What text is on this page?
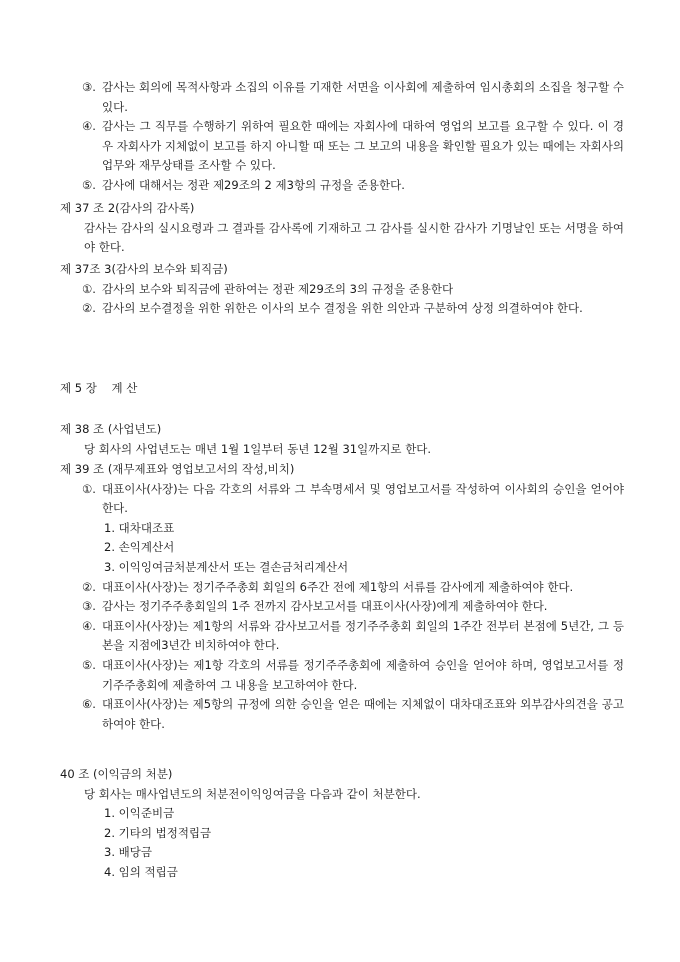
③. 감사는 회의에 목적사항과 소집의 이유를 기재한 서면을 이사회에 제출하여 임시총회의 소집을 청구할 수 있다.
④. 감사는 그 직무를 수행하기 위하여 필요한 때에는 자회사에 대하여 영업의 보고를 요구할 수 있다. 이 경우 자회사가 지체없이 보고를 하지 아니할 때 또는 그 보고의 내용을 확인할 필요가 있는 때에는 자회사의 업무와 재무상태를 조사할 수 있다.
⑤. 감사에 대해서는 정관 제29조의 2 제3항의 규정을 준용한다.
제 37 조 2(감사의 감사록)
감사는 감사의 실시요령과 그 결과를 감사록에 기재하고 그 감사를 실시한 감사가 기명날인 또는 서명을 하여야 한다.
제 37조 3(감사의 보수와 퇴직금)
①. 감사의 보수와 퇴직금에 관하여는 정관 제29조의 3의 규정을 준용한다
②. 감사의 보수결정을 위한 위한은 이사의 보수 결정을 위한 의안과 구분하여 상정 의결하여야 한다.
제 5 장    계 산
제 38 조 (사업년도)
당 회사의 사업년도는 매년 1월 1일부터 동년 12월 31일까지로 한다.
제 39 조 (재무제표와 영업보고서의 작성,비치)
①. 대표이사(사장)는 다음 각호의 서류와 그 부속명세서 및 영업보고서를 작성하여 이사회의 승인을 얻어야 한다.
1. 대차대조표
2. 손익계산서
3. 이익잉여금처분계산서 또는 결손금처리계산서
②. 대표이사(사장)는 정기주주총회 회일의 6주간 전에 제1항의 서류를 감사에게 제출하여야 한다.
③. 감사는 정기주주총회일의 1주 전까지 감사보고서를 대표이사(사장)에게 제출하여야 한다.
④. 대표이사(사장)는 제1항의 서류와 감사보고서를 정기주주총회 회일의 1주간 전부터 본점에 5년간, 그 등본을 지점에3년간 비치하여야 한다.
⑤. 대표이사(사장)는 제1항 각호의 서류를 정기주주총회에 제출하여 승인을 얻어야 하며, 영업보고서를 정기주주총회에 제출하여 그 내용을 보고하여야 한다.
⑥. 대표이사(사장)는 제5항의 규정에 의한 승인을 얻은 때에는 지체없이 대차대조표와 외부감사의견을 공고하여야 한다.
40 조 (이익금의 처분)
당 회사는 매사업년도의 처분전이익잉여금을 다음과 같이 처분한다.
1. 이익준비금
2. 기타의 법정적립금
3. 배당금
4. 임의 적립금
